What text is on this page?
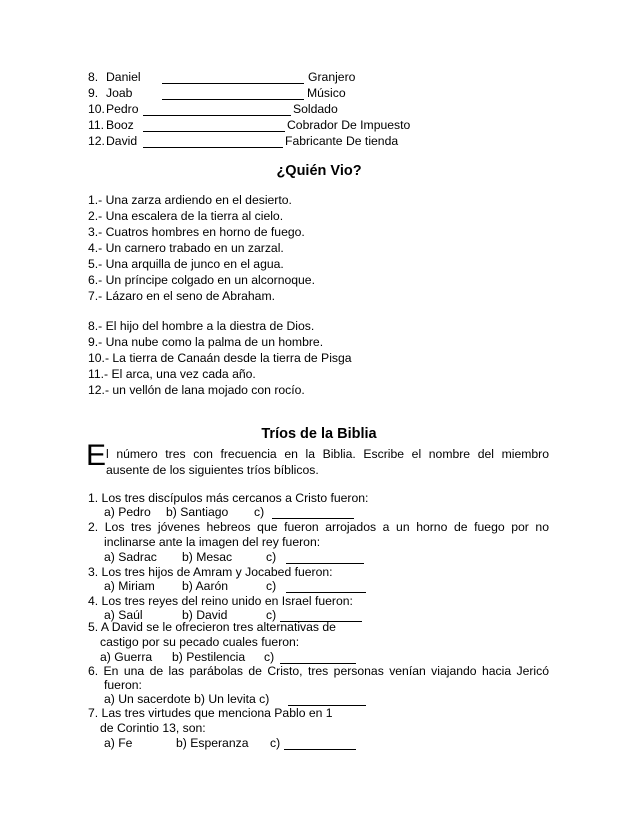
8. Daniel	Granjero
9. Joab	Músico
10. Pedro	Soldado
11. Booz	Cobrador De Impuesto
12. David	Fabricante De tienda
¿Quién Vio?
1.- Una zarza ardiendo en el desierto.
2.- Una escalera de la tierra al cielo.
3.- Cuatros hombres en horno de fuego.
4.- Un carnero trabado en un zarzal.
5.- Una arquilla de junco en el agua.
6.- Un príncipe colgado en un alcornoque.
7.- Lázaro en el seno de Abraham.
8.- El hijo del hombre a la diestra de Dios.
9.- Una nube como la palma de un hombre.
10.- La tierra de Canaán desde la tierra de Pisga
11.- El arca, una vez cada año.
12.- un vellón de lana mojado con rocío.
Tríos de la Biblia
E l número tres con frecuencia en la Biblia. Escribe el nombre del miembro
ausente de los siguientes tríos bíblicos.
1. Los tres discípulos más cercanos a Cristo fueron:
a) Pedro b) Santiago c)
2. Los tres jóvenes hebreos que fueron arrojados a un horno de fuego por no
inclinarse ante la imagen del rey fueron:
a) Sadrac b) Mesac	c)
3. Los tres hijos de Amram y Jocabed fueron:
a) Miriam b) Aarón	c)
4. Los tres reyes del reino unido en Israel fueron:
a) Saúl	b) David	c)
5. A David se le ofrecieron tres alternativas de
castigo por su pecado cuales fueron:
a) Guerra b) Pestilencia c)
6. En una de las parábolas de Cristo, tres personas venían viajando hacia Jericó
fueron:
a) Un sacerdote b) Un levita c)
7. Las tres virtudes que menciona Pablo en 1
de Corintio 13, son:
a) Fe	b) Esperanza c)
